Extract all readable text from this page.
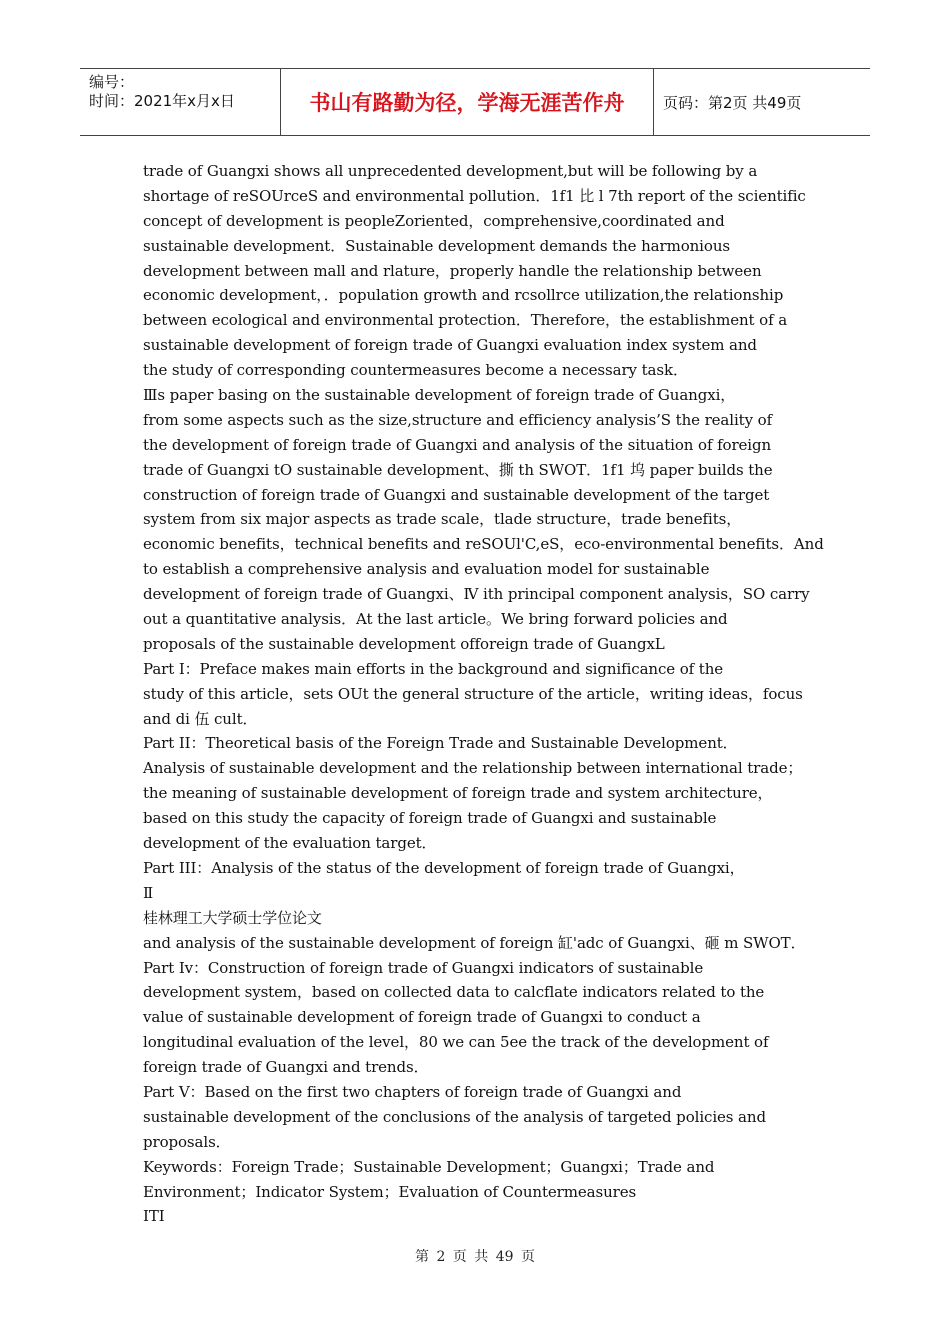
编号：
时间：2021年x月x日	书山有路勤为径，学海无涯苦作舟	页码：第2页 共49页
trade of Guangxi shows all unprecedented development,but will be following by a
shortage of reSOUrceS and environmental pollution．1f1 比 l 7th report of the scientific
concept of development is peopleZoriented，comprehensive,coordinated and
sustainable development．Sustainable development demands the harmonious
development between mall and rlature，properly handle the relationship between
economic development，．population growth and rcsollrce utilization,the relationship
between ecological and environmental protection．Therefore，the establishment of a
sustainable development of foreign trade of Guangxi evaluation index system and
the study of corresponding countermeasures become a necessary task．
Ⅲs paper basing on the sustainable development of foreign trade of Guangxi，
from some aspects such as the size,structure and efficiency analysis’S the reality of
the development of foreign trade of Guangxi and analysis of the situation of foreign
trade of Guangxi tO sustainable development、撕 th SWOT．1f1 坞 paper builds the
construction of foreign trade of Guangxi and sustainable development of the target
system from six major aspects as trade scale，tlade structure，trade benefits，
economic benefits，technical benefits and reSOUl'C,eS，eco-environmental benefits．And
to establish a comprehensive analysis and evaluation model for sustainable
development of foreign trade of Guangxi、Ⅳ ith principal component analysis，SO carry
out a quantitative analysis．At the last article。We bring forward policies and
proposals of the sustainable development offoreign trade of GuangxL
Part I：Preface makes main efforts in the background and significance of the
study of this article，sets OUt the general structure of the article，writing ideas，focus
and di 伍 cult．
Part II：Theoretical basis of the Foreign Trade and Sustainable Development．
Analysis of sustainable development and the relationship between international trade；
the meaning of sustainable development of foreign trade and system architecture，
based on this study the capacity of foreign trade of Guangxi and sustainable
development of the evaluation target．
Part III：Analysis of the status of the development of foreign trade of Guangxi，
Ⅱ
桂林理工大学硕士学位论文
and analysis of the sustainable development of foreign 缸'adc of Guangxi、砸 m SWOT．
Part Iv：Construction of foreign trade of Guangxi indicators of sustainable
development system，based on collected data to calcflate indicators related to the
value of sustainable development of foreign trade of Guangxi to conduct a
longitudinal evaluation of the level，80 we can 5ee the track of the development of
foreign trade of Guangxi and trends．
Part V：Based on the first two chapters of foreign trade of Guangxi and
sustainable development of the conclusions of the analysis of targeted policies and
proposals．
Keywords：Foreign Trade；Sustainable Development；Guangxi；Trade and
Environment；Indicator System；Evaluation of Countermeasures
ITI
第 2 页 共 49 页
